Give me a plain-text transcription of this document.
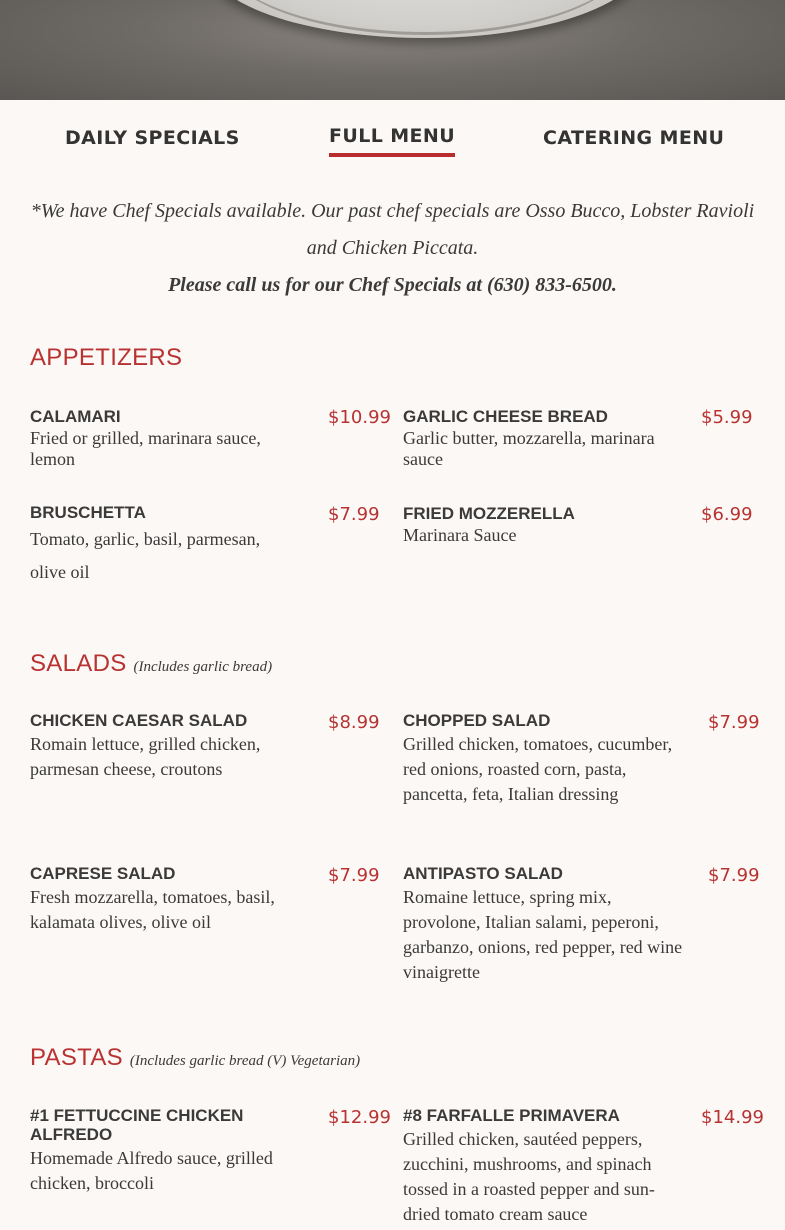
DAILY SPECIALS	FULL MENU	CATERING MENU
*We have Chef Specials available. Our past chef specials are Osso Bucco, Lobster Ravioli
and Chicken Piccata.
Please call us for our Chef Specials at (630) 833-6500.
APPETIZERS
CALAMARI
Fried or grilled, marinara sauce, lemon
$10.99 GARLIC CHEESE BREAD
Garlic butter, mozzarella, marinara sauce
$5.99
BRUSCHETTA
Tomato, garlic, basil, parmesan, olive oil
$7.99 FRIED MOZZERELLA
Marinara Sauce
$6.99
SALADS (Includes garlic bread)
CHICKEN CAESAR SALAD
Romain lettuce, grilled chicken, parmesan cheese, croutons
$8.99 CHOPPED SALAD
Grilled chicken, tomatoes, cucumber, red onions, roasted corn, pasta, pancetta, feta, Italian dressing
$7.99
CAPRESE SALAD
Fresh mozzarella, tomatoes, basil, kalamata olives, olive oil
$7.99 ANTIPASTO SALAD
Romaine lettuce, spring mix, provolone, Italian salami, peperoni, garbanzo, onions, red pepper, red wine vinaigrette
$7.99
PASTAS (Includes garlic bread (V) Vegetarian)
#1 FETTUCCINE CHICKEN ALFREDO
Homemade Alfredo sauce, grilled chicken, broccoli
$12.99 #8 FARFALLE PRIMAVERA
Grilled chicken, sautéed peppers, zucchini, mushrooms, and spinach tossed in a roasted pepper and sun-dried tomato cream sauce
$14.99
